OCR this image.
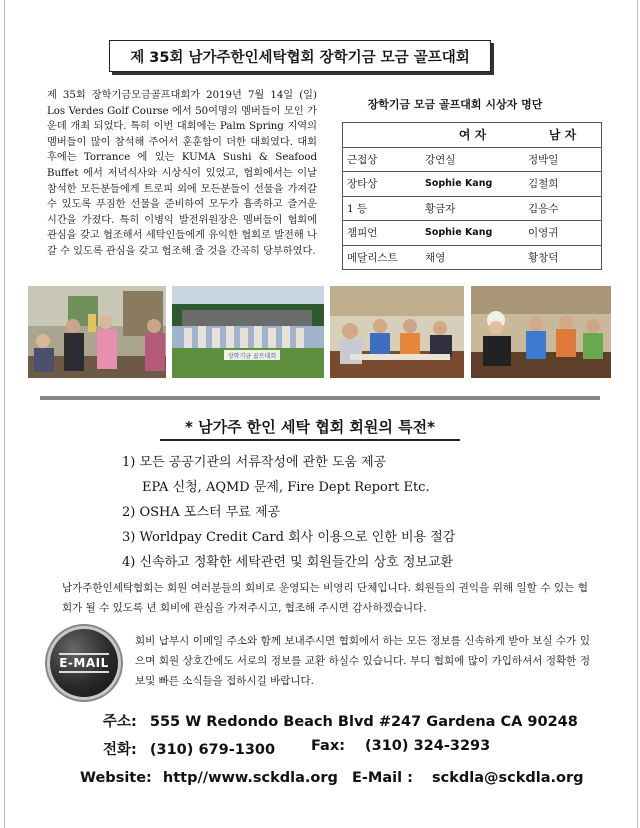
제 35회 남가주한인세탁협회 장학기금 모금 골프대회
제 35회 장학기금모금골프대회가 2019년 7월 14일 (일) Los Verdes Golf Course 에서 50여명의 멤버들이 모인 가운데 개최 되었다. 특히 이번 대회에는 Palm Spring 지역의 멤버들이 많이 참석해 주어서 훈훈함이 더한 대회였다. 대회 후에는 Torrance 에 있는 KUMA Sushi & Seafood Buffet 에서 저녁식사와 시상식이 있었고, 협회에서는 이날 참석한 모든분들에게 트로피 외에 모든분들이 선물을 가져갈 수 있도록 푸짐한 선물을 준비하여 모두가 흡족하고 즐거운 시간을 가졌다. 특히 이병익 발전위원장은 멤버들이 협회에 관심을 갖고 협조해서 세탁인들에게 유익한 협회로 발전해 나갈 수 있도록 관심을 갖고 협조해 줄 것을 간곡히 당부하였다.
장학기금 모금 골프대회 시상자 명단
	여 자	남 자
근접상	강연실	정박일
장타상	Sophie Kang	김철희
1 등	황금자	김응수
챔피언	Sophie Kang	이영귀
메달리스트	채영	황창덕
장학기금 골프대회
* 남가주 한인 세탁 협회 회원의 특전*
1) 모든 공공기관의 서류작성에 관한 도움 제공
EPA 신청, AQMD 문제, Fire Dept Report Etc.
2) OSHA 포스터 무료 제공
3) Worldpay Credit Card 회사 이용으로 인한 비용 절감
4) 신속하고 정확한 세탁관련 및 회원들간의 상호 정보교환
남가주한인세탁협회는 회원 여러분들의 회비로 운영되는 비영리 단체입니다. 회원들의 권익을 위해 일할 수 있는 협회가 될 수 있도록 년 회비에 관심을 가져주시고, 협조해 주시면 감사하겠습니다.
E-MAIL
회비 납부시 이메일 주소와 함께 보내주시면 협회에서 하는 모든 정보를 신속하게 받아 보실 수가 있으며 회원 상호간에도 서로의 정보를 교환 하실수 있습니다. 부디 협회에 많이 가입하셔서 정확한 정보및 빠른 소식들을 접하시길 바랍니다.
주소: 555 W Redondo Beach Blvd #247 Gardena CA 90248
전화: (310) 679-1300 Fax: (310) 324-3293
Website: http//www.sckdla.org E-Mail : sckdla@sckdla.org
